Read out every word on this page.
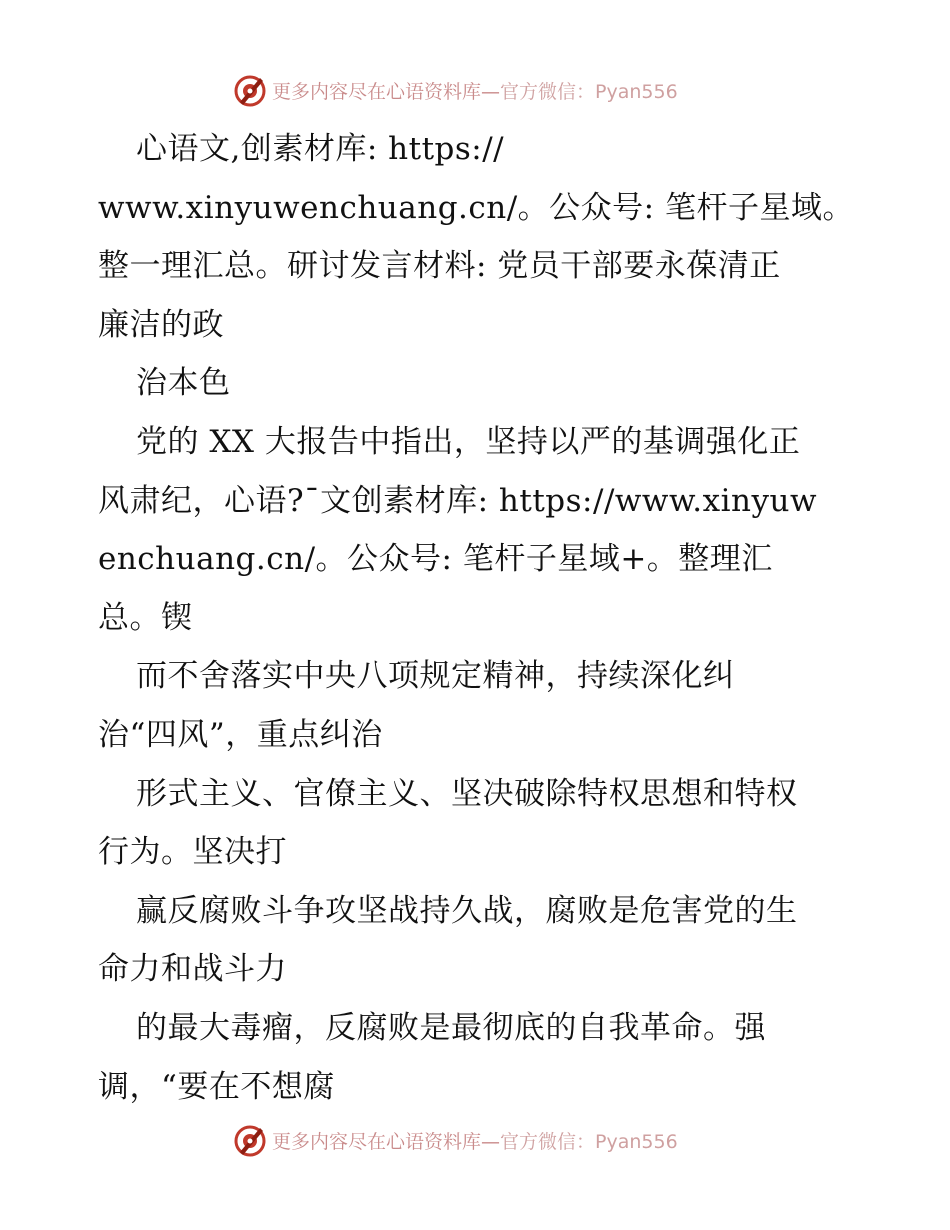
更多内容尽在心语资料库—官方微信：Pyan556
心语文,创素材库: https://
www.xinyuwenchuang.cn/。公众号: 笔杆子星域。
整一理汇总。研讨发言材料: 党员干部要永葆清正
廉洁的政
治本色
党的 XX 大报告中指出，坚持以严的基调强化正
风肃纪，心语?¯文创素材库: https://www.xinyuw
enchuang.cn/。公众号: 笔杆子星域+。整理汇
总。锲
而不舍落实中央八项规定精神，持续深化纠
治“四风”，重点纠治
形式主义、官僚主义、坚决破除特权思想和特权
行为。坚决打
赢反腐败斗争攻坚战持久战，腐败是危害党的生
命力和战斗力
的最大毒瘤，反腐败是最彻底的自我革命。强
调，“要在不想腐
更多内容尽在心语资料库—官方微信：Pyan556
